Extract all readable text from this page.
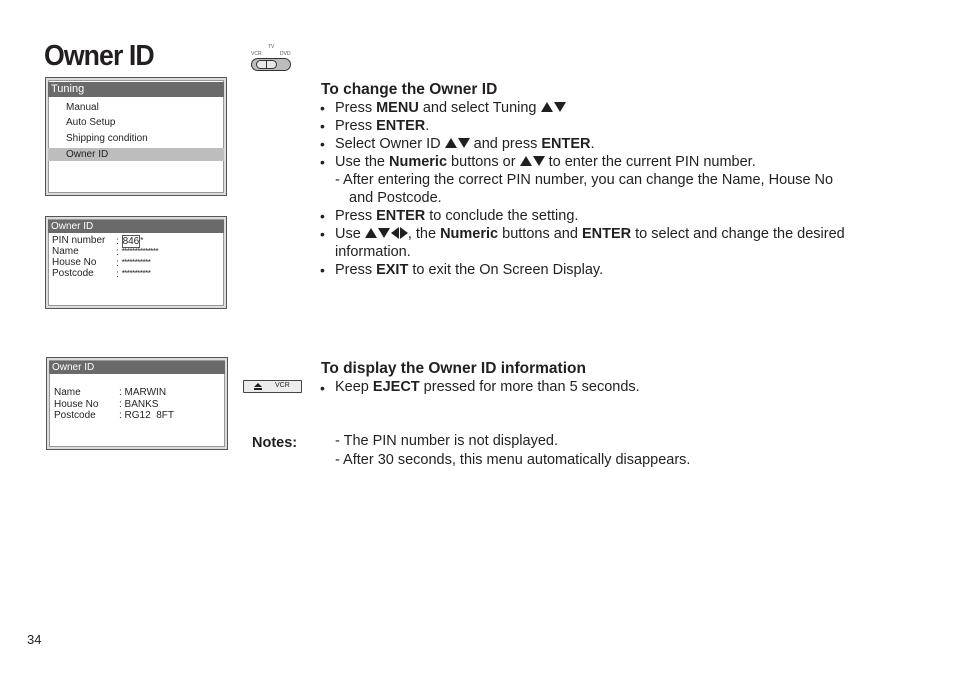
Owner ID	TV
VCR	DVD
Tuning
Manual
Auto Setup
Shipping condition
Owner ID
Owner ID
PIN number : 846*
Name	: **************
House No : ***********
Postcode : ***********
Owner ID
Name	: MARWIN
House No : BANKS
Postcode : RG12  8FT
To change the Owner ID
• Press MENU and select Tuning
• Press ENTER.
• Select Owner ID  and press ENTER.
• Use the Numeric buttons or  to enter the current PIN number.
- After entering the correct PIN number, you can change the Name, House No
and Postcode.
• Press ENTER to conclude the setting.
• Use	, the Numeric buttons and ENTER to select and change the desired
information.
• Press EXIT to exit the On Screen Display.
VCR
To display the Owner ID information
• Keep EJECT pressed for more than 5 seconds.
Notes:	- The PIN number is not displayed.
- After 30 seconds, this menu automatically disappears.
34
